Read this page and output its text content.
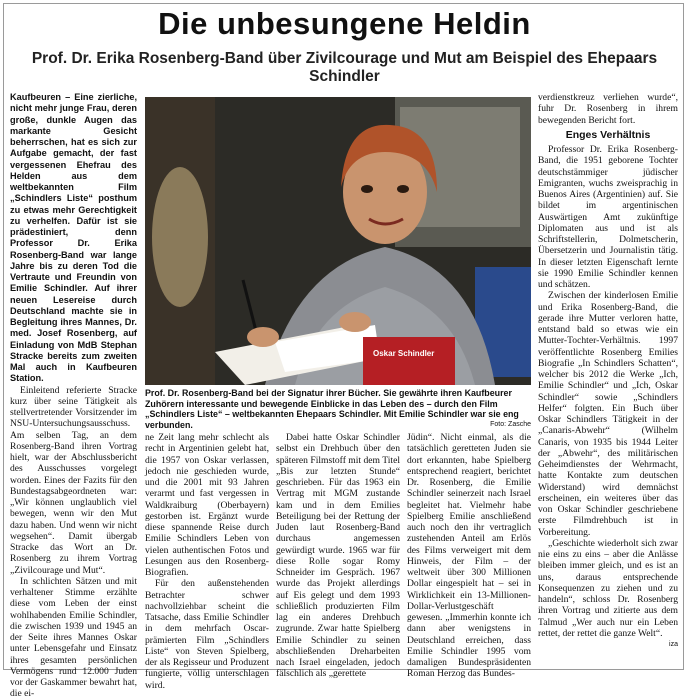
Die unbesungene Heldin
Prof. Dr. Erika Rosenberg-Band über Zivilcourage und Mut am Beispiel des Ehepaars Schindler

Kaufbeuren – Eine zierliche, nicht mehr junge Frau, deren große, dunkle Augen das markante Gesicht beherrschen, hat es sich zur Aufgabe gemacht, der fast vergessenen Ehefrau des Helden aus dem weltbekannten Film „Schindlers Liste“ posthum zu etwas mehr Gerechtigkeit zu verhelfen. Dafür ist sie prädestiniert, denn Professor Dr. Erika Rosenberg-Band war lange Jahre bis zu deren Tod die Vertraute und Freundin von Emilie Schindler. Auf ihrer neuen Lesereise durch Deutschland machte sie in Begleitung ihres Mannes, Dr. med. Josef Rosenberg, auf Einladung von MdB Stephan Stracke bereits zum zweiten Mal auch in Kaufbeuren Station.

Einleitend referierte Stracke kurz über seine Tätigkeit als stellvertretender Vorsitzender im NSU-Untersuchungsausschuss. Am selben Tag, an dem Rosenberg-Band ihren Vortrag hielt, war der Abschlussbericht des Ausschusses vorgelegt worden. Eines der Fazits für den Bundestagsabgeordneten war: „Wir können unglaublich viel bewegen, wenn wir den Mut dazu haben. Und wenn wir nicht wegsehen“. Damit übergab Stracke das Wort an Dr. Rosenberg zu ihrem Vortrag „Zivilcourage und Mut“.

In schlichten Sätzen und mit verhaltener Stimme erzählte diese vom Leben der einst wohlhabenden Emilie Schindler, die zwischen 1939 und 1945 an der Seite ihres Mannes Oskar unter Lebensgefahr und Einsatz ihres gesamten persönlichen Vermögens rund 12.000 Juden vor der Gaskammer bewahrt hat, die ei-

Oskar Schindler
Prof. Dr. Rosenberg-Band bei der Signatur ihrer Bücher. Sie gewährte ihren Kaufbeurer Zuhörern interessante und bewegende Einblicke in das Leben des – durch den Film „Schindlers Liste“ – weltbekannten Ehepaars Schindler. Mit Emilie Schindler war sie eng verbunden.	Foto: Zasche

ne Zeit lang mehr schlecht als recht in Argentinien gelebt hat, die 1957 von Oskar verlassen, jedoch nie geschieden wurde, und die 2001 mit 93 Jahren verarmt und fast vergessen in Waldkraiburg (Oberbayern) gestorben ist. Ergänzt wurde diese spannende Reise durch Emilie Schindlers Leben von vielen authentischen Fotos und Lesungen aus den Rosenberg-Biografien.

Für den außenstehenden Betrachter schwer nachvollziehbar scheint die Tatsache, dass Emilie Schindler in dem mehrfach Oscar-prämierten Film „Schindlers Liste“ von Steven Spielberg, der als Regisseur und Produzent fungierte, völlig unterschlagen wird.

Dabei hatte Oskar Schindler selbst ein Drehbuch über den späteren Filmstoff mit dem Titel „Bis zur letzten Stunde“ geschrieben. Für das 1963 ein Vertrag mit MGM zustande kam und in dem Emilies Beteiligung bei der Rettung der Juden laut Rosenberg-Band durchaus angemessen gewürdigt wurde. 1965 war für diese Rolle sogar Romy Schneider im Gespräch. 1967 wurde das Projekt allerdings auf Eis gelegt und dem 1993 schließlich produzierten Film lag ein anderes Drehbuch zugrunde. Zwar hatte Spielberg Emilie Schindler zu seinen abschließenden Dreharbeiten nach Israel eingeladen, jedoch fälschlich als „gerettete

Jüdin“. Nicht einmal, als die tatsächlich geretteten Juden sie dort erkannten, habe Spielberg entsprechend reagiert, berichtet Dr. Rosenberg, die Emilie Schindler seinerzeit nach Israel begleitet hat. Vielmehr habe Spielberg Emilie anschließend auch noch den ihr vertraglich zustehenden Anteil am Erlös des Films verweigert mit dem Hinweis, der Film – der weltweit über 300 Millionen Dollar eingespielt hat – sei in Wirklichkeit ein 13-Millionen-Dollar-Verlustgeschäft gewesen. „Immerhin konnte ich dann aber wenigstens in Deutschland erreichen, dass Emilie Schindler 1995 vom damaligen Bundespräsidenten Roman Herzog das Bundes-

verdienstkreuz verliehen wurde“, fuhr Dr. Rosenberg in ihrem bewegenden Bericht fort.

Enges Verhältnis

Professor Dr. Erika Rosenberg-Band, die 1951 geborene Tochter deutschstämmiger jüdischer Emigranten, wuchs zweisprachig in Buenos Aires (Argentinien) auf. Sie bildet im argentinischen Auswärtigen Amt zukünftige Diplomaten aus und ist als Schriftstellerin, Dolmetscherin, Übersetzerin und Journalistin tätig. In dieser letzten Eigenschaft lernte sie 1990 Emilie Schindler kennen und schätzen.

Zwischen der kinderlosen Emilie und Erika Rosenberg-Band, die gerade ihre Mutter verloren hatte, entstand bald so etwas wie ein Mutter-Tochter-Verhältnis. 1997 veröffentlichte Rosenberg Emilies Biografie „In Schindlers Schatten“, welcher bis 2012 die Werke „Ich, Emilie Schindler“ und „Ich, Oskar Schindler“ sowie „Schindlers Helfer“ folgten. Ein Buch über Oskar Schindlers Tätigkeit in der „Canaris-Abwehr“ (Wilhelm Canaris, von 1935 bis 1944 Leiter der „Abwehr“, des militärischen Geheimdienstes der Wehrmacht, hatte Kontakte zum deutschen Widerstand) wird demnächst erscheinen, ein weiteres über das von Oskar Schindler geschriebene erste Filmdrehbuch ist in Vorbereitung.

„Geschichte wiederholt sich zwar nie eins zu eins – aber die Anlässe bleiben immer gleich, und es ist an uns, daraus entsprechende Konsequenzen zu ziehen und zu handeln“, schloss Dr. Rosenberg ihren Vortrag und zitierte aus dem Talmud „Wer auch nur ein Leben rettet, der rettet die ganze Welt“.

iza
